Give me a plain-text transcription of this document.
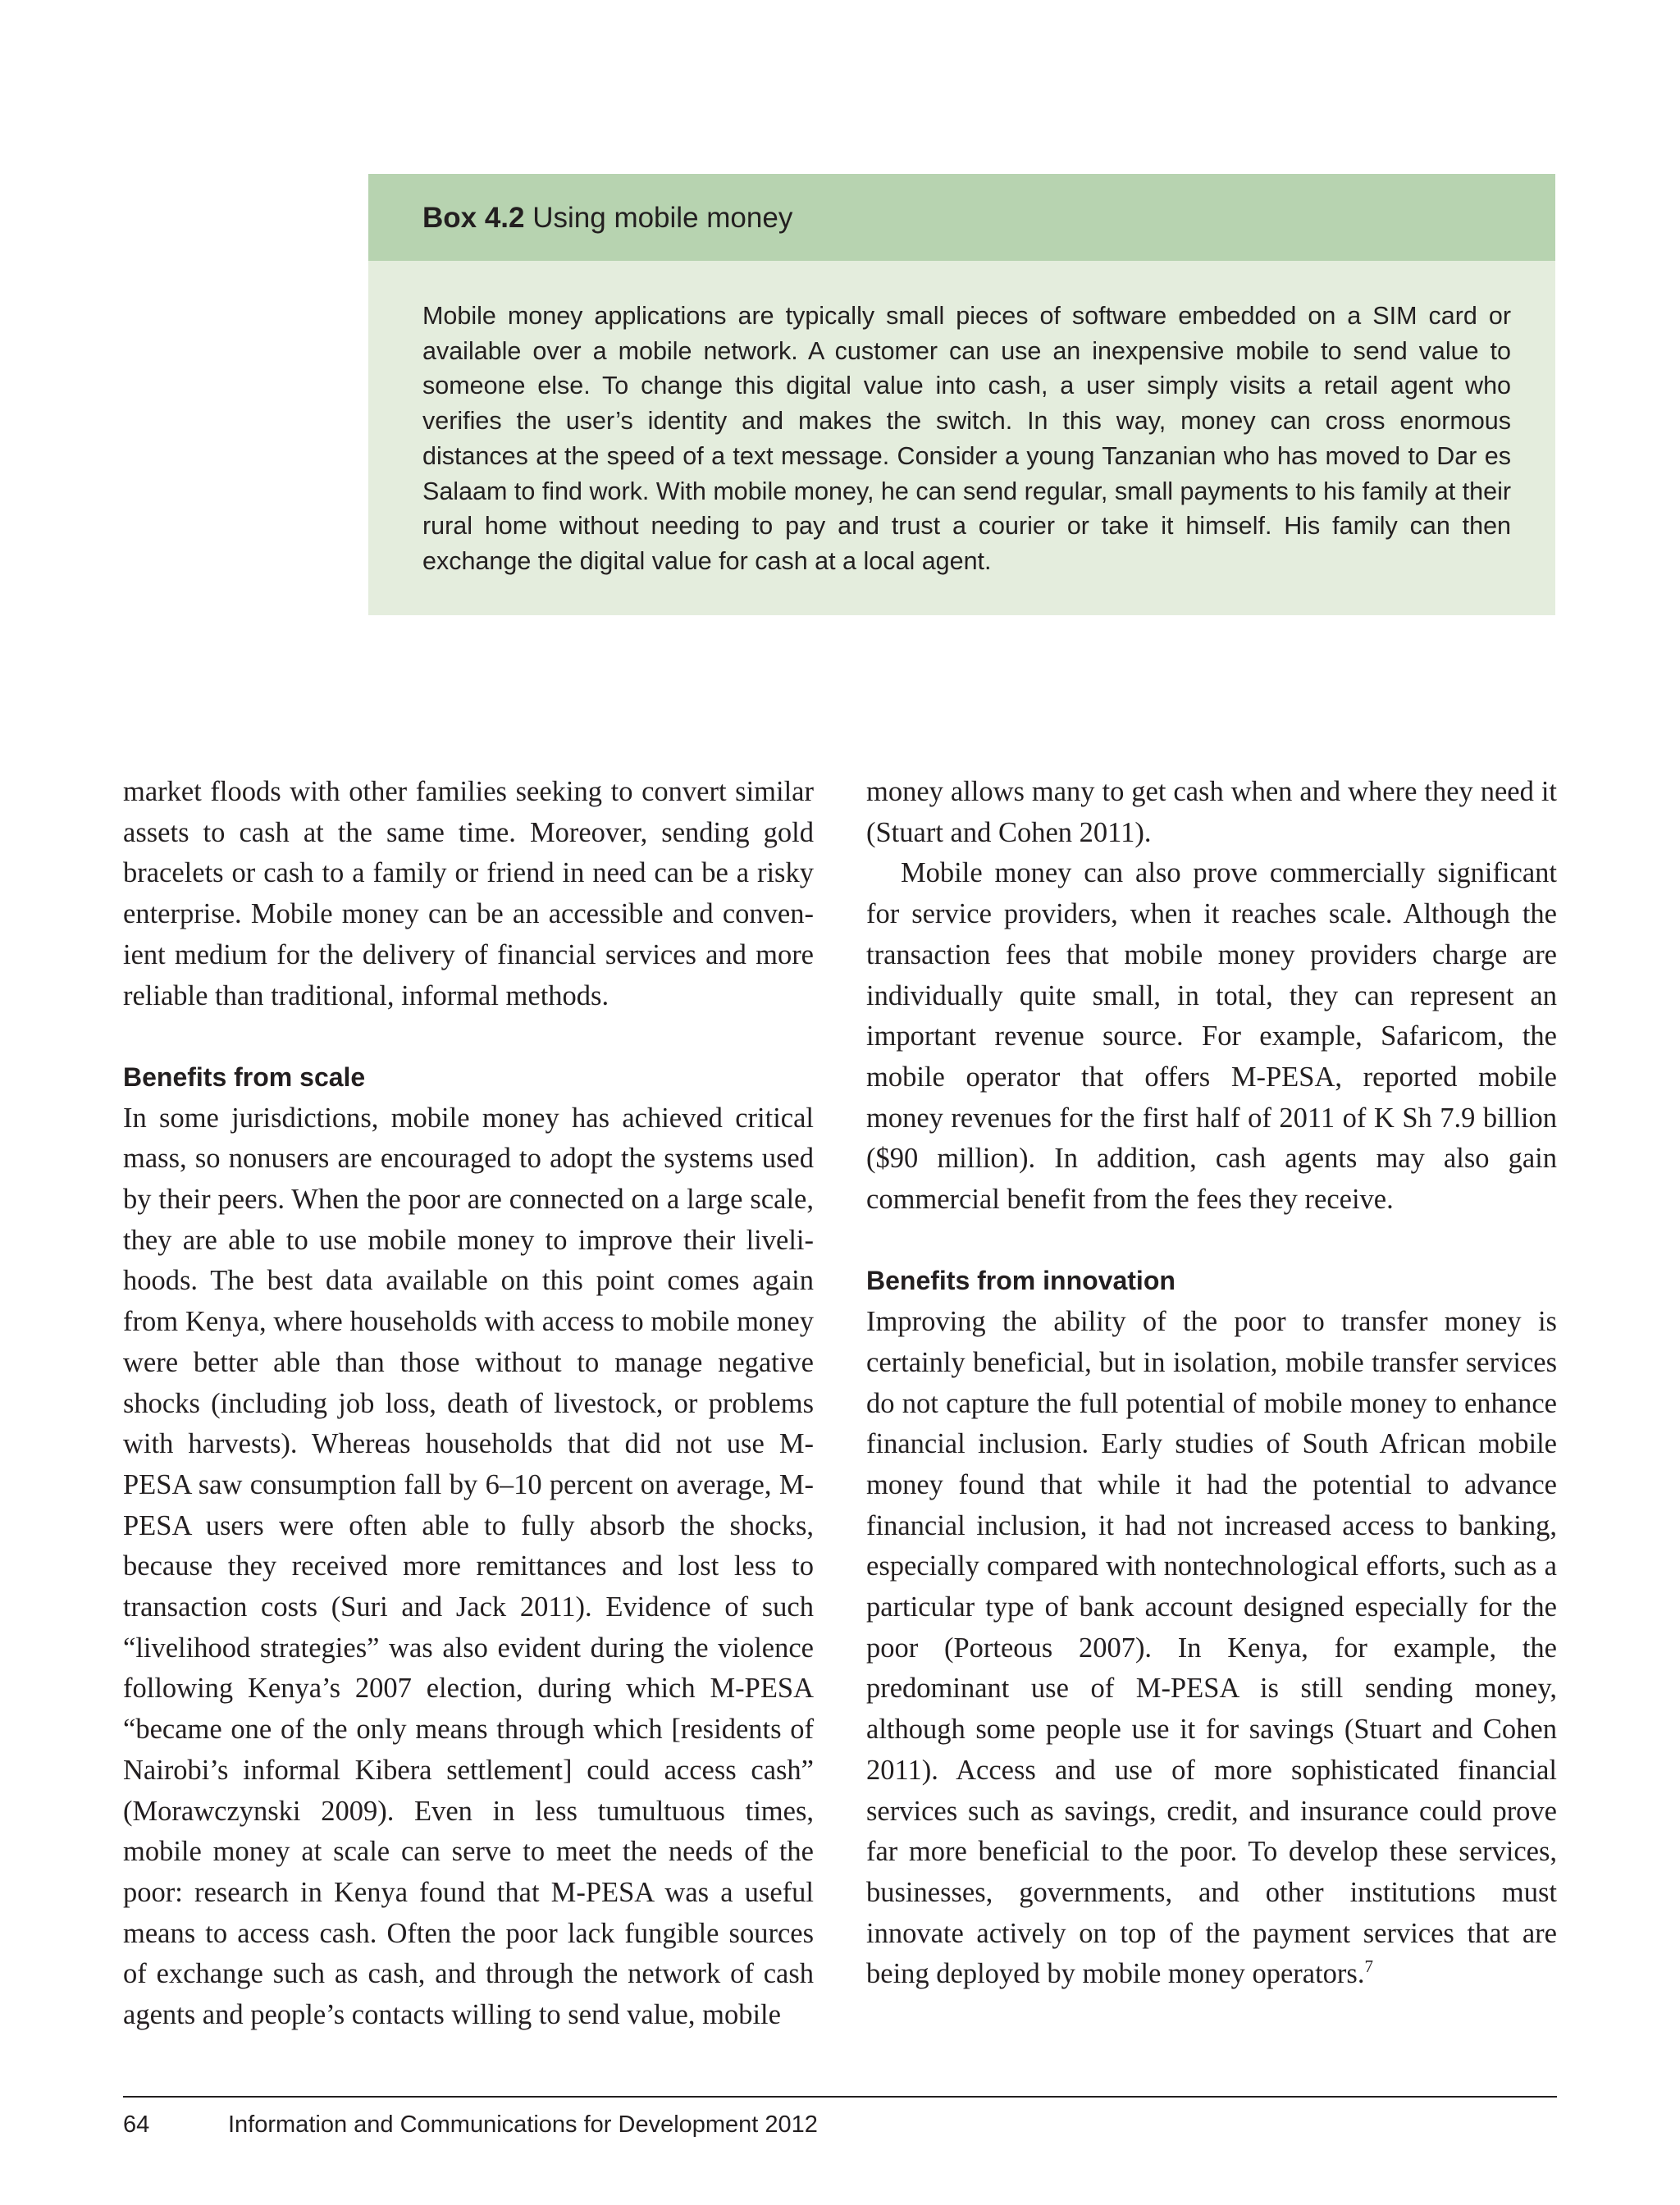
Box 4.2 Using mobile money

Mobile money applications are typically small pieces of software embedded on a SIM card or available over a mobile network. A customer can use an inexpensive mobile to send value to someone else. To change this digital value into cash, a user simply visits a retail agent who verifies the user’s identity and makes the switch. In this way, money can cross enormous distances at the speed of a text message. Consider a young Tanzanian who has moved to Dar es Salaam to find work. With mobile money, he can send regular, small payments to his family at their rural home without needing to pay and trust a courier or take it himself. His family can then exchange the digital value for cash at a local agent.

market floods with other families seeking to convert similar assets to cash at the same time. Moreover, sending gold bracelets or cash to a family or friend in need can be a risky enterprise. Mobile money can be an accessible and convenient medium for the delivery of financial services and more reliable than traditional, informal methods.

Benefits from scale

In some jurisdictions, mobile money has achieved critical mass, so nonusers are encouraged to adopt the systems used by their peers. When the poor are connected on a large scale, they are able to use mobile money to improve their livelihoods. The best data available on this point comes again from Kenya, where households with access to mobile money were better able than those without to manage negative shocks (including job loss, death of livestock, or problems with harvests). Whereas households that did not use M-PESA saw consumption fall by 6–10 percent on average, M-PESA users were often able to fully absorb the shocks, because they received more remittances and lost less to transaction costs (Suri and Jack 2011). Evidence of such “livelihood strategies” was also evident during the violence following Kenya’s 2007 election, during which M-PESA “became one of the only means through which [residents of Nairobi’s informal Kibera settlement] could access cash” (Morawczynski 2009). Even in less tumultuous times, mobile money at scale can serve to meet the needs of the poor: research in Kenya found that M-PESA was a useful means to access cash. Often the poor lack fungible sources of exchange such as cash, and through the network of cash agents and people’s contacts willing to send value, mobile

money allows many to get cash when and where they need it (Stuart and Cohen 2011).

Mobile money can also prove commercially significant for service providers, when it reaches scale. Although the transaction fees that mobile money providers charge are individually quite small, in total, they can represent an important revenue source. For example, Safaricom, the mobile operator that offers M-PESA, reported mobile money revenues for the first half of 2011 of K Sh 7.9 billion ($90 million). In addition, cash agents may also gain commercial benefit from the fees they receive.

Benefits from innovation

Improving the ability of the poor to transfer money is certainly beneficial, but in isolation, mobile transfer services do not capture the full potential of mobile money to enhance financial inclusion. Early studies of South African mobile money found that while it had the potential to advance financial inclusion, it had not increased access to banking, especially compared with nontechnological efforts, such as a particular type of bank account designed especially for the poor (Porteous 2007). In Kenya, for example, the predominant use of M-PESA is still sending money, although some people use it for savings (Stuart and Cohen 2011). Access and use of more sophisticated financial services such as savings, credit, and insurance could prove far more beneficial to the poor. To develop these services, businesses, governments, and other institutions must innovate actively on top of the payment services that are being deployed by mobile money operators.$^7$

64	Information and Communications for Development 2012
